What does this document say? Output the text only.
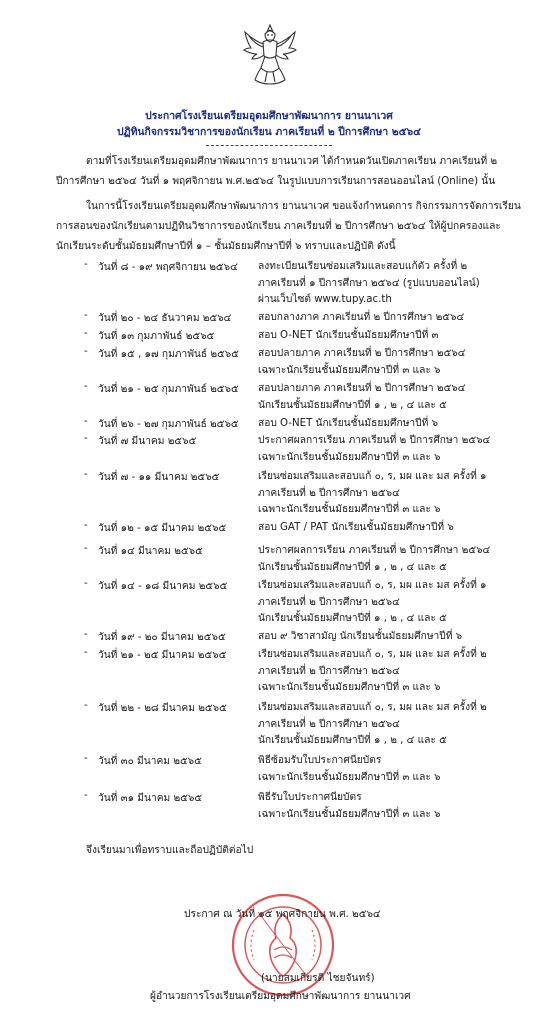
ประกาศโรงเรียนเตรียมอุดมศึกษาพัฒนาการ ยานนาเวศ
ปฏิทินกิจกรรมวิชาการของนักเรียน ภาคเรียนที่ ๒ ปีการศึกษา ๒๕๖๔
ตามที่โรงเรียนเตรียมอุดมศึกษาพัฒนาการ ยานนาเวศ ได้กำหนดวันเปิดภาคเรียน ภาคเรียนที่ ๒
ปีการศึกษา ๒๕๖๔ วันที่ ๑ พฤศจิกายน พ.ศ.๒๕๖๔ ในรูปแบบการเรียนการสอนออนไลน์ (Online) นั้น
ในการนี้โรงเรียนเตรียมอุดมศึกษาพัฒนาการ ยานนาเวศ ขอแจ้งกำหนดการ กิจกรรมการจัดการเรียน
การสอนของนักเรียนตามปฏิทินวิชาการของนักเรียน ภาคเรียนที่ ๒ ปีการศึกษา ๒๕๖๔ ให้ผู้ปกครองและ
นักเรียนระดับชั้นมัธยมศึกษาปีที่ ๑ – ชั้นมัธยมศึกษาปีที่ ๖ ทราบและปฏิบัติ ดังนี้
- วันที่ ๘ - ๑๙ พฤศจิกายน ๒๕๖๔ ลงทะเบียนเรียนซ่อมเสริมและสอบแก้ตัว ครั้งที่ ๒
ภาคเรียนที่ ๑ ปีการศึกษา ๒๕๖๔ (รูปแบบออนไลน์)
ผ่านเว็บไซต์ www.tupy.ac.th
- วันที่ ๒๐ - ๒๔ ธันวาคม ๒๕๖๔	สอบกลางภาค ภาคเรียนที่ ๒ ปีการศึกษา ๒๕๖๔
- วันที่ ๑๓ กุมภาพันธ์ ๒๕๖๕	สอบ O-NET นักเรียนชั้นมัธยมศึกษาปีที่ ๓
- วันที่ ๑๕ , ๑๗ กุมภาพันธ์ ๒๕๖๕ สอบปลายภาค ภาคเรียนที่ ๒ ปีการศึกษา ๒๕๖๔
เฉพาะนักเรียนชั้นมัธยมศึกษาปีที่ ๓ และ ๖
- วันที่ ๒๑ - ๒๕ กุมภาพันธ์ ๒๕๖๕ สอบปลายภาค ภาคเรียนที่ ๒ ปีการศึกษา ๒๕๖๔
นักเรียนชั้นมัธยมศึกษาปีที่ ๑ , ๒ , ๔ และ ๕
- วันที่ ๒๖ - ๒๗ กุมภาพันธ์ ๒๕๖๕ สอบ O-NET นักเรียนชั้นมัธยมศึกษาปีที่ ๖
- วันที่ ๗ มีนาคม ๒๕๖๕	ประกาศผลการเรียน ภาคเรียนที่ ๒ ปีการศึกษา ๒๕๖๔
เฉพาะนักเรียนชั้นมัธยมศึกษาปีที่ ๓ และ ๖
- วันที่ ๗ - ๑๑ มีนาคม ๒๕๖๕	เรียนซ่อมเสริมและสอบแก้ ๐, ร, มผ และ มส ครั้งที่ ๑
ภาคเรียนที่ ๒ ปีการศึกษา ๒๕๖๔
เฉพาะนักเรียนชั้นมัธยมศึกษาปีที่ ๓ และ ๖
- วันที่ ๑๒ - ๑๕ มีนาคม ๒๕๖๕	สอบ GAT / PAT นักเรียนชั้นมัธยมศึกษาปีที่ ๖
- วันที่ ๑๔ มีนาคม ๒๕๖๕	ประกาศผลการเรียน ภาคเรียนที่ ๒ ปีการศึกษา ๒๕๖๔
นักเรียนชั้นมัธยมศึกษาปีที่ ๑ , ๒ , ๔ และ ๕
- วันที่ ๑๔ - ๑๘ มีนาคม ๒๕๖๕	เรียนซ่อมเสริมและสอบแก้ ๐, ร, มผ และ มส ครั้งที่ ๑
ภาคเรียนที่ ๒ ปีการศึกษา ๒๕๖๔
นักเรียนชั้นมัธยมศึกษาปีที่ ๑ , ๒ , ๔ และ ๕
- วันที่ ๑๙ - ๒๐ มีนาคม ๒๕๖๕	สอบ ๙ วิชาสามัญ นักเรียนชั้นมัธยมศึกษาปีที่ ๖
- วันที่ ๒๑ - ๒๕ มีนาคม ๒๕๖๕	เรียนซ่อมเสริมและสอบแก้ ๐, ร, มผ และ มส ครั้งที่ ๒
ภาคเรียนที่ ๒ ปีการศึกษา ๒๕๖๔
เฉพาะนักเรียนชั้นมัธยมศึกษาปีที่ ๓ และ ๖
- วันที่ ๒๒ - ๒๘ มีนาคม ๒๕๖๕	เรียนซ่อมเสริมและสอบแก้ ๐, ร, มผ และ มส ครั้งที่ ๒
ภาคเรียนที่ ๒ ปีการศึกษา ๒๕๖๔
นักเรียนชั้นมัธยมศึกษาปีที่ ๑ , ๒ , ๔ และ ๕
- วันที่ ๓๐ มีนาคม ๒๕๖๕	พิธีซ้อมรับใบประกาศนียบัตร
เฉพาะนักเรียนชั้นมัธยมศึกษาปีที่ ๓ และ ๖
- วันที่ ๓๑ มีนาคม ๒๕๖๕	พิธีรับใบประกาศนียบัตร
เฉพาะนักเรียนชั้นมัธยมศึกษาปีที่ ๓ และ ๖
จึงเรียนมาเพื่อทราบและถือปฏิบัติต่อไป
ประกาศ ณ วันที่ ๑๕ พฤศจิกายน พ.ศ. ๒๕๖๔
(นายสมเกียรติ ไชยจันทร์)
ผู้อำนวยการโรงเรียนเตรียมอุดมศึกษาพัฒนาการ ยานนาเวศ
